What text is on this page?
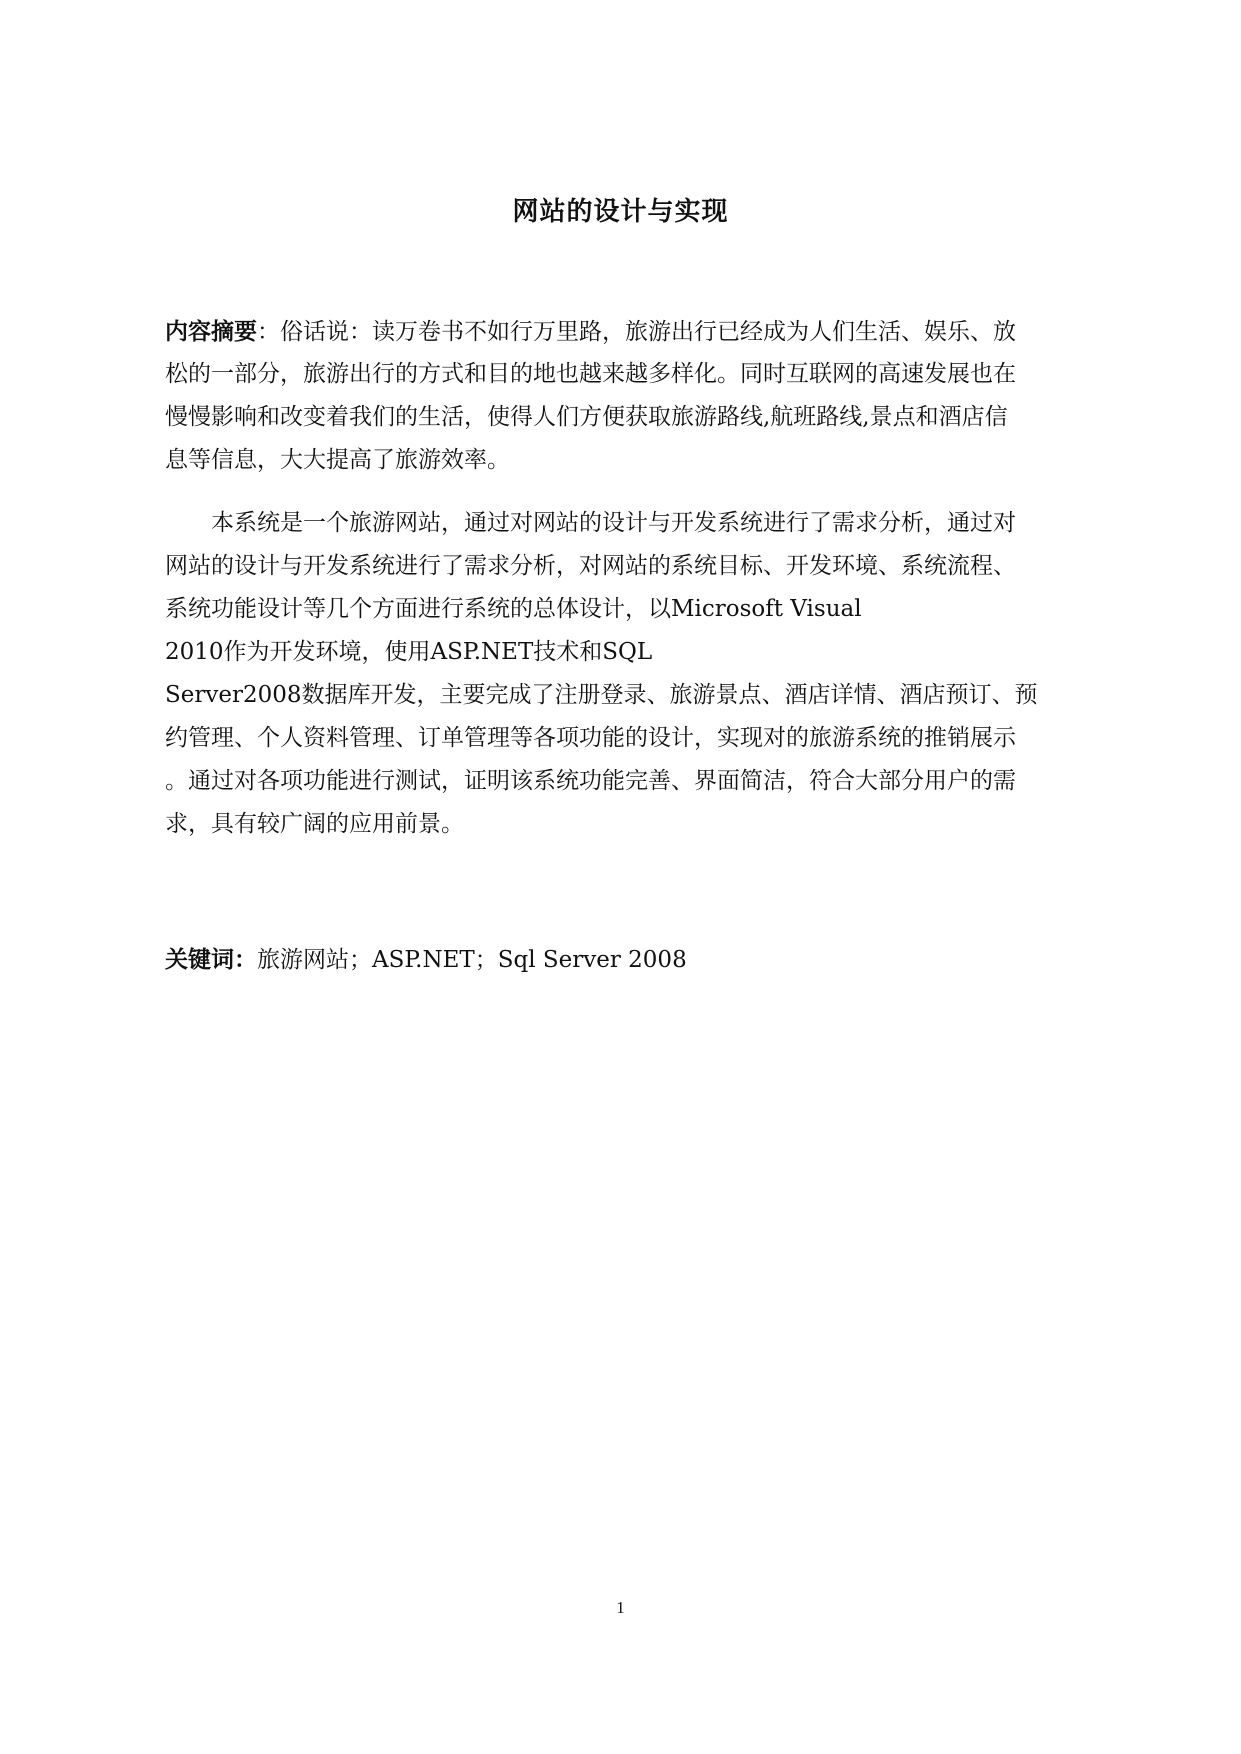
网站的设计与实现
内容摘要：俗话说：读万卷书不如行万里路，旅游出行已经成为人们生活、娱乐、放
松的一部分，旅游出行的方式和目的地也越来越多样化。同时互联网的高速发展也在
慢慢影响和改变着我们的生活，使得人们方便获取旅游路线,航班路线,景点和酒店信
息等信息，大大提高了旅游效率。
本系统是一个旅游网站，通过对网站的设计与开发系统进行了需求分析，通过对
网站的设计与开发系统进行了需求分析，对网站的系统目标、开发环境、系统流程、
系统功能设计等几个方面进行系统的总体设计，以Microsoft Visual
2010作为开发环境，使用ASP.NET技术和SQL
Server2008数据库开发，主要完成了注册登录、旅游景点、酒店详情、酒店预订、预
约管理、个人资料管理、订单管理等各项功能的设计，实现对的旅游系统的推销展示
。通过对各项功能进行测试，证明该系统功能完善、界面简洁，符合大部分用户的需
求，具有较广阔的应用前景。
关键词：旅游网站；ASP.NET；Sql Server 2008
1
